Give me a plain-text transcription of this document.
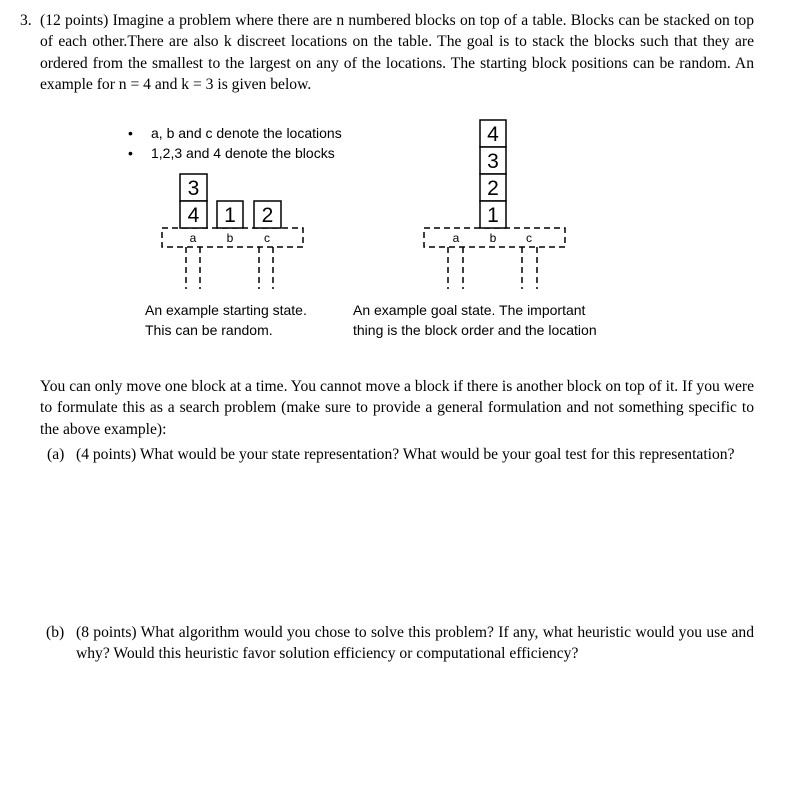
3. (12 points) Imagine a problem where there are n numbered blocks on top of a table. Blocks can be stacked on top of each other.There are also k discreet locations on the table. The goal is to stack the blocks such that they are ordered from the smallest to the largest on any of the locations. The starting block positions can be random. An example for n = 4 and k = 3 is given below.
• a, b and c denote the locations
• 1,2,3 and 4 denote the blocks
3
4 1 2
4
3
2
1
a	b	c	a	b c
An example starting state.
This can be random.
An example goal state. The important
thing is the block order and the location
You can only move one block at a time. You cannot move a block if there is another block on top of it. If you were to formulate this as a search problem (make sure to provide a general formulation and not something specific to the above example):
(a) (4 points) What would be your state representation? What would be your goal test for this representation?
(b) (8 points) What algorithm would you chose to solve this problem? If any, what heuristic would you use and why? Would this heuristic favor solution efficiency or computational efficiency?
